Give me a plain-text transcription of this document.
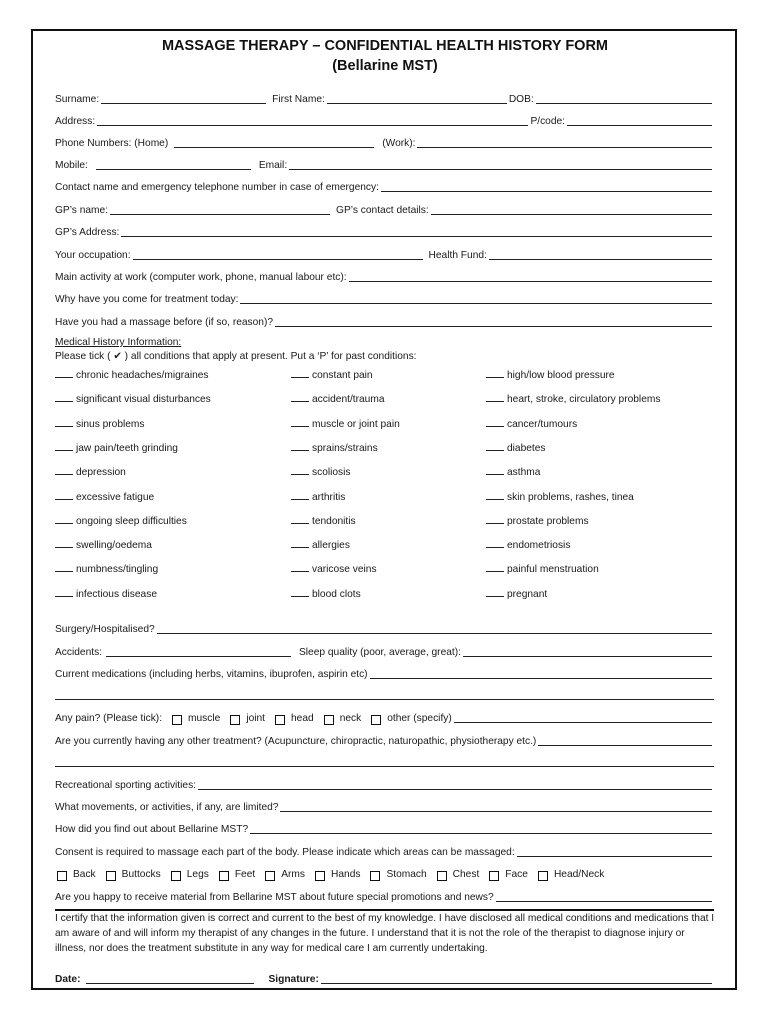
MASSAGE THERAPY – CONFIDENTIAL HEALTH HISTORY FORM
(Bellarine MST)
Surname:	First Name:	DOB:
Address:	P/code:
Phone Numbers: (Home)	(Work):
Mobile:	Email:
Contact name and emergency telephone number in case of emergency:
GP’s name:	GP’s contact details:
GP’s Address:
Your occupation:	Health Fund:
Main activity at work (computer work, phone, manual labour etc):
Why have you come for treatment today:
Have you had a massage before (if so, reason)?
Medical History Information:
Please tick ( ✔ ) all conditions that apply at present. Put a ‘P’ for past conditions:
chronic headaches/migraines
significant visual disturbances
sinus problems
jaw pain/teeth grinding
depression
excessive fatigue
ongoing sleep difficulties
swelling/oedema
numbness/tingling
infectious disease
constant pain
accident/trauma
muscle or joint pain
sprains/strains
scoliosis
arthritis
tendonitis
allergies
varicose veins
blood clots
high/low blood pressure
heart, stroke, circulatory problems
cancer/tumours
diabetes
asthma
skin problems, rashes, tinea
prostate problems
endometriosis
painful menstruation
pregnant
Surgery/Hospitalised?
Accidents:	Sleep quality (poor, average, great):
Current medications (including herbs, vitamins, ibuprofen, aspirin etc)
Any pain? (Please tick):	muscle	joint	head	neck	other (specify)
Are you currently having any other treatment? (Acupuncture, chiropractic, naturopathic, physiotherapy etc.)
Recreational sporting activities:
What movements, or activities, if any, are limited?
How did you find out about Bellarine MST?
Consent is required to massage each part of the body. Please indicate which areas can be massaged:
Back	Buttocks	Legs	Feet	Arms	Hands	Stomach	Chest	Face	Head/Neck
Are you happy to receive material from Bellarine MST about future special promotions and news?
I certify that the information given is correct and current to the best of my knowledge. I have disclosed all medical conditions and medications that I am aware of and will inform my therapist of any changes in the future. I understand that it is not the role of the therapist to diagnose injury or illness, nor does the treatment substitute in any way for medical care I am currently undertaking.
Date:	Signature:
